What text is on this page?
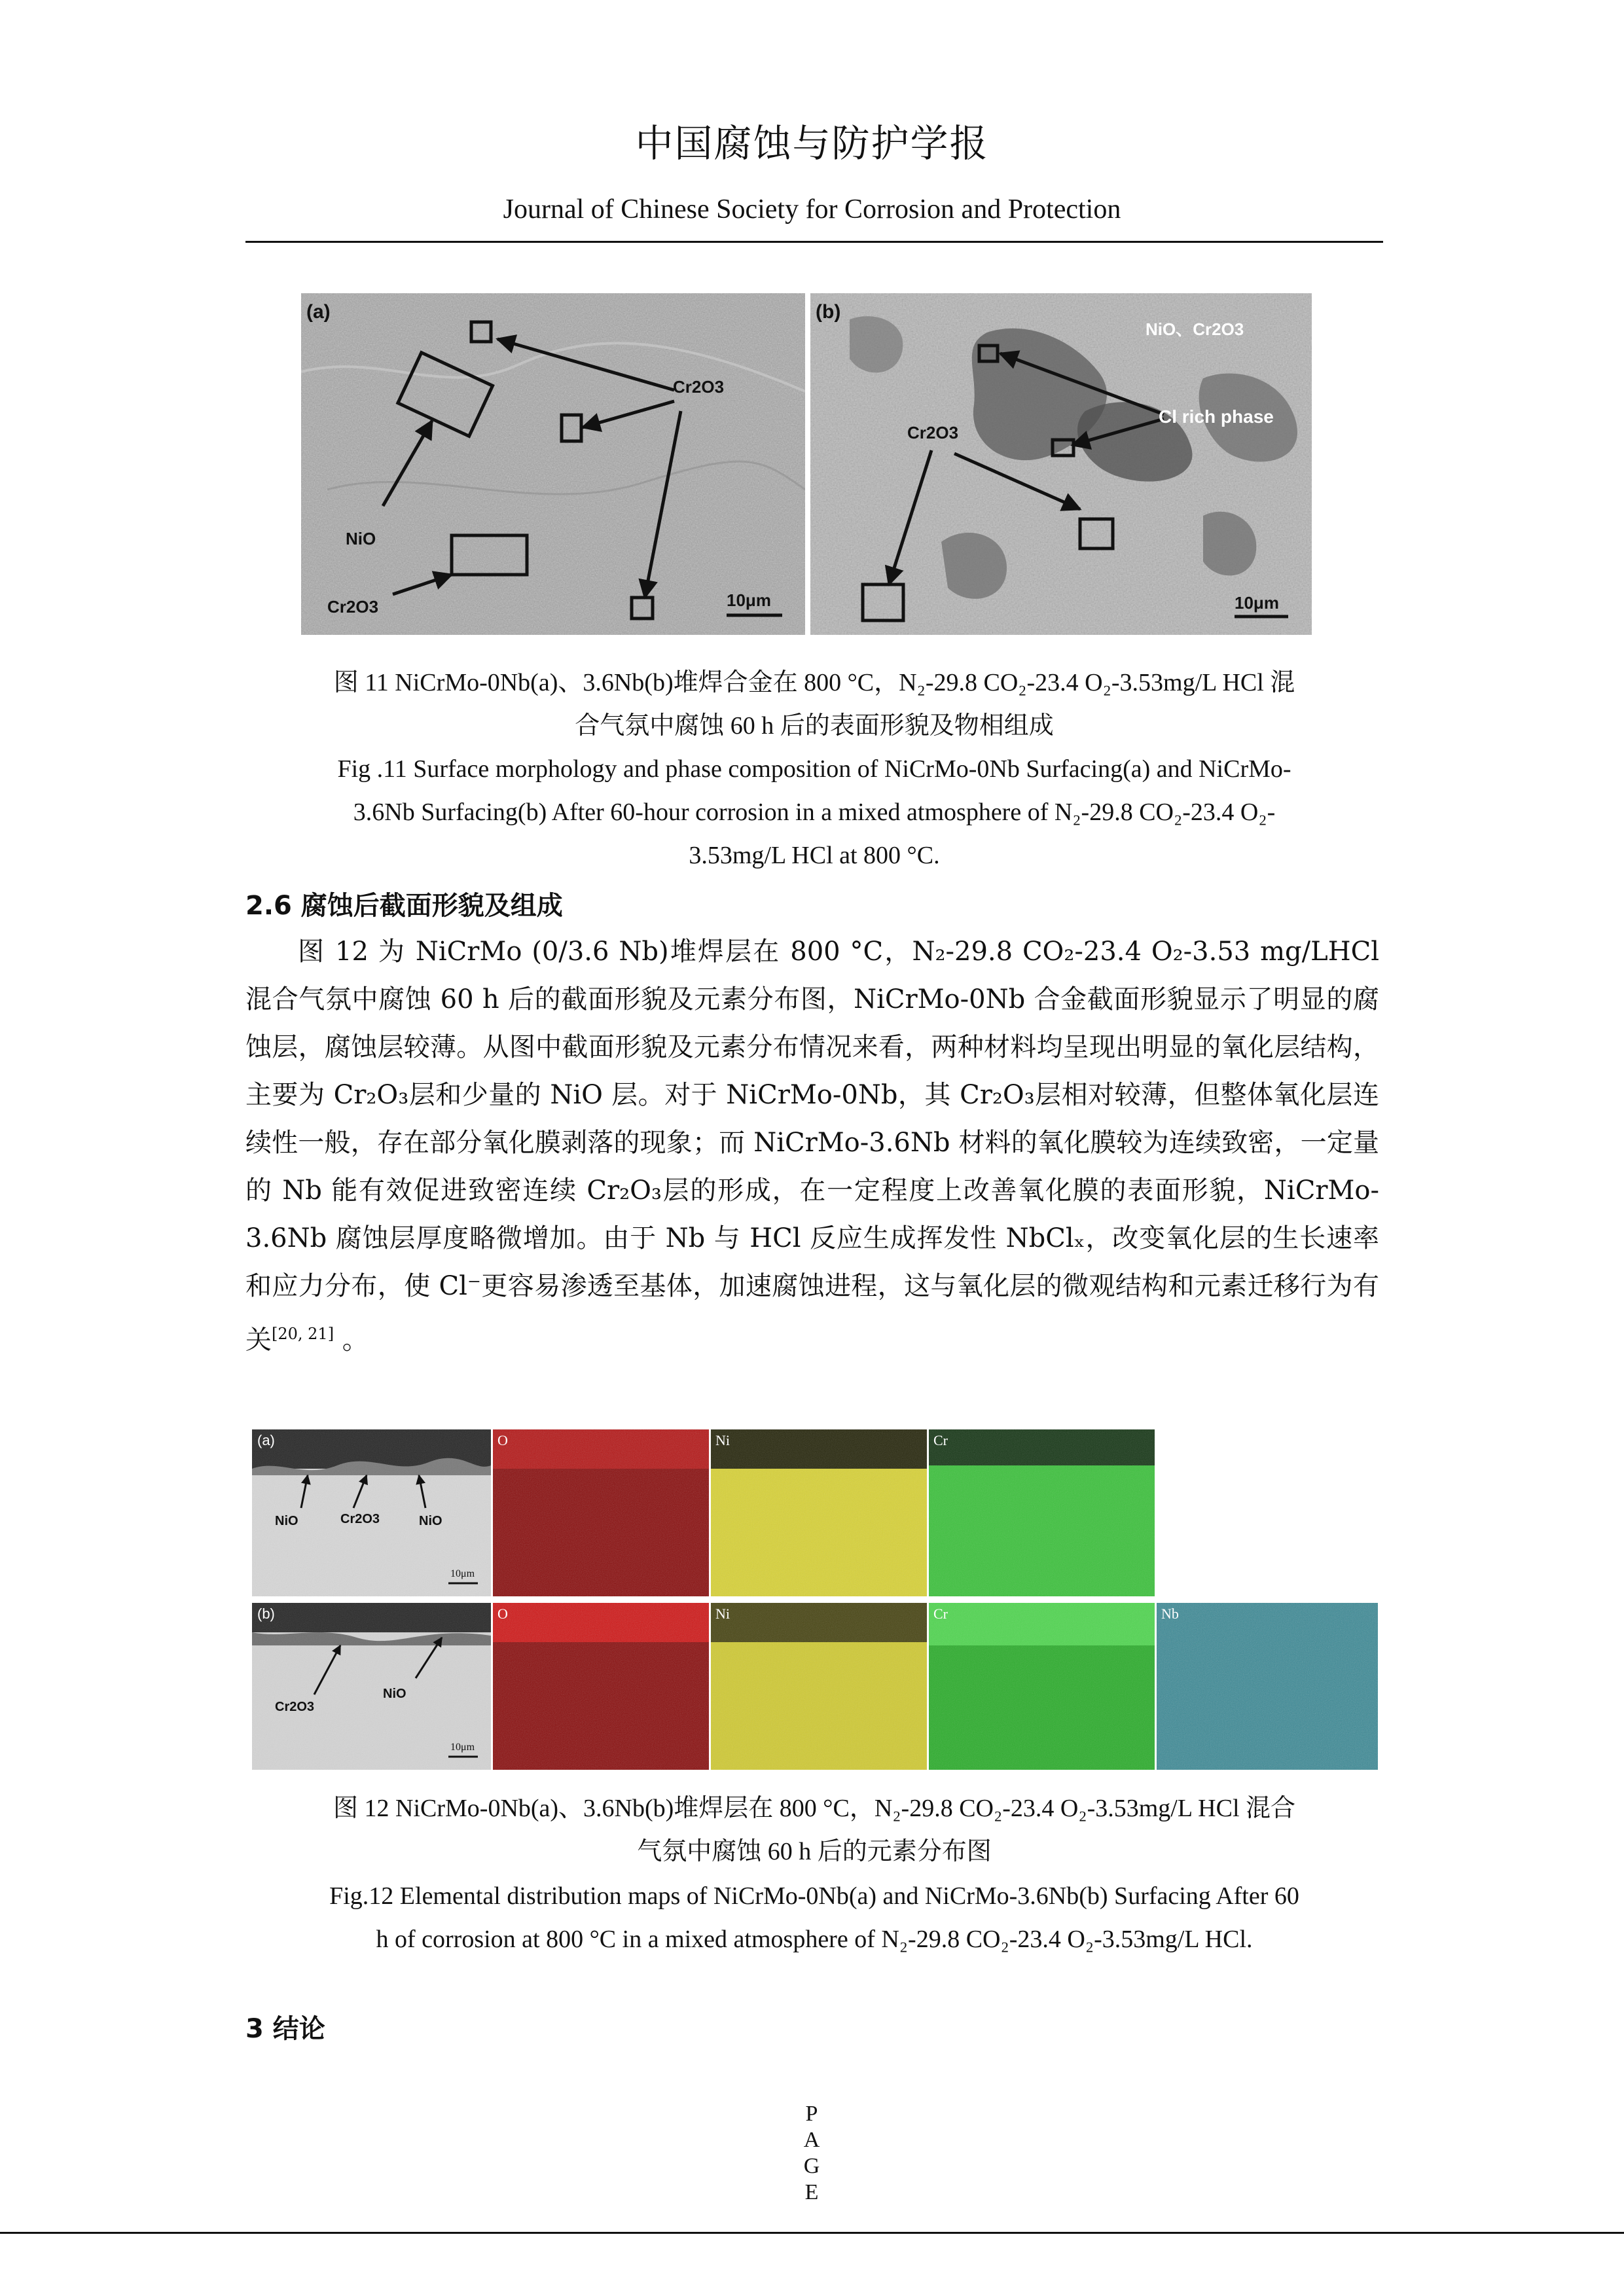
中国腐蚀与防护学报
Journal of Chinese Society for Corrosion and Protection
(a)
Cr2O3
NiO
Cr2O3	10μm
(b)
NiO、Cr2O3
Cl rich phase
Cr2O3
10μm
图 11 NiCrMo-0Nb(a)、3.6Nb(b)堆焊合金在 800 °C，N₂-29.8 CO₂-23.4 O₂-3.53mg/L HCl 混
合气氛中腐蚀 60 h 后的表面形貌及物相组成
Fig .11 Surface morphology and phase composition of NiCrMo-0Nb Surfacing(a) and NiCrMo-
3.6Nb Surfacing(b) After 60-hour corrosion in a mixed atmosphere of N₂-29.8 CO₂-23.4 O₂-
3.53mg/L HCl at 800 °C.
2.6 腐蚀后截面形貌及组成

图 12 为 NiCrMo (0/3.6 Nb)堆焊层在 800 °C，N₂-29.8 CO₂-23.4 O₂-3.53 mg/LHCl 混合气氛中腐蚀 60 h 后的截面形貌及元素分布图，NiCrMo-0Nb 合金截面形貌显示了明显的腐蚀层，腐蚀层较薄。从图中截面形貌及元素分布情况来看，两种材料均呈现出明显的氧化层结构，主要为 Cr₂O₃层和少量的 NiO 层。对于 NiCrMo-0Nb，其 Cr₂O₃层相对较薄，但整体氧化层连续性一般，存在部分氧化膜剥落的现象；而 NiCrMo-3.6Nb 材料的氧化膜较为连续致密，一定量的 Nb 能有效促进致密连续 Cr₂O₃层的形成，在一定程度上改善氧化膜的表面形貌，NiCrMo-3.6Nb 腐蚀层厚度略微增加。由于 Nb 与 HCl 反应生成挥发性 NbClₓ，改变氧化层的生长速率和应力分布，使 Cl⁻更容易渗透至基体，加速腐蚀进程，这与氧化层的微观结构和元素迁移行为有关[20, 21] 。

(a)
NiO	Cr2O3	NiO
10μm
O	Ni	Cr
(b)
Cr2O3
NiO
10μm
O	Ni	Cr	Nb
图 12 NiCrMo-0Nb(a)、3.6Nb(b)堆焊层在 800 °C，N₂-29.8 CO₂-23.4 O₂-3.53mg/L HCl 混合
气氛中腐蚀 60 h 后的元素分布图
Fig.12 Elemental distribution maps of NiCrMo-0Nb(a) and NiCrMo-3.6Nb(b) Surfacing After 60
h of corrosion at 800 °C in a mixed atmosphere of N₂-29.8 CO₂-23.4 O₂-3.53mg/L HCl.
3 结论
P
A
G
E
